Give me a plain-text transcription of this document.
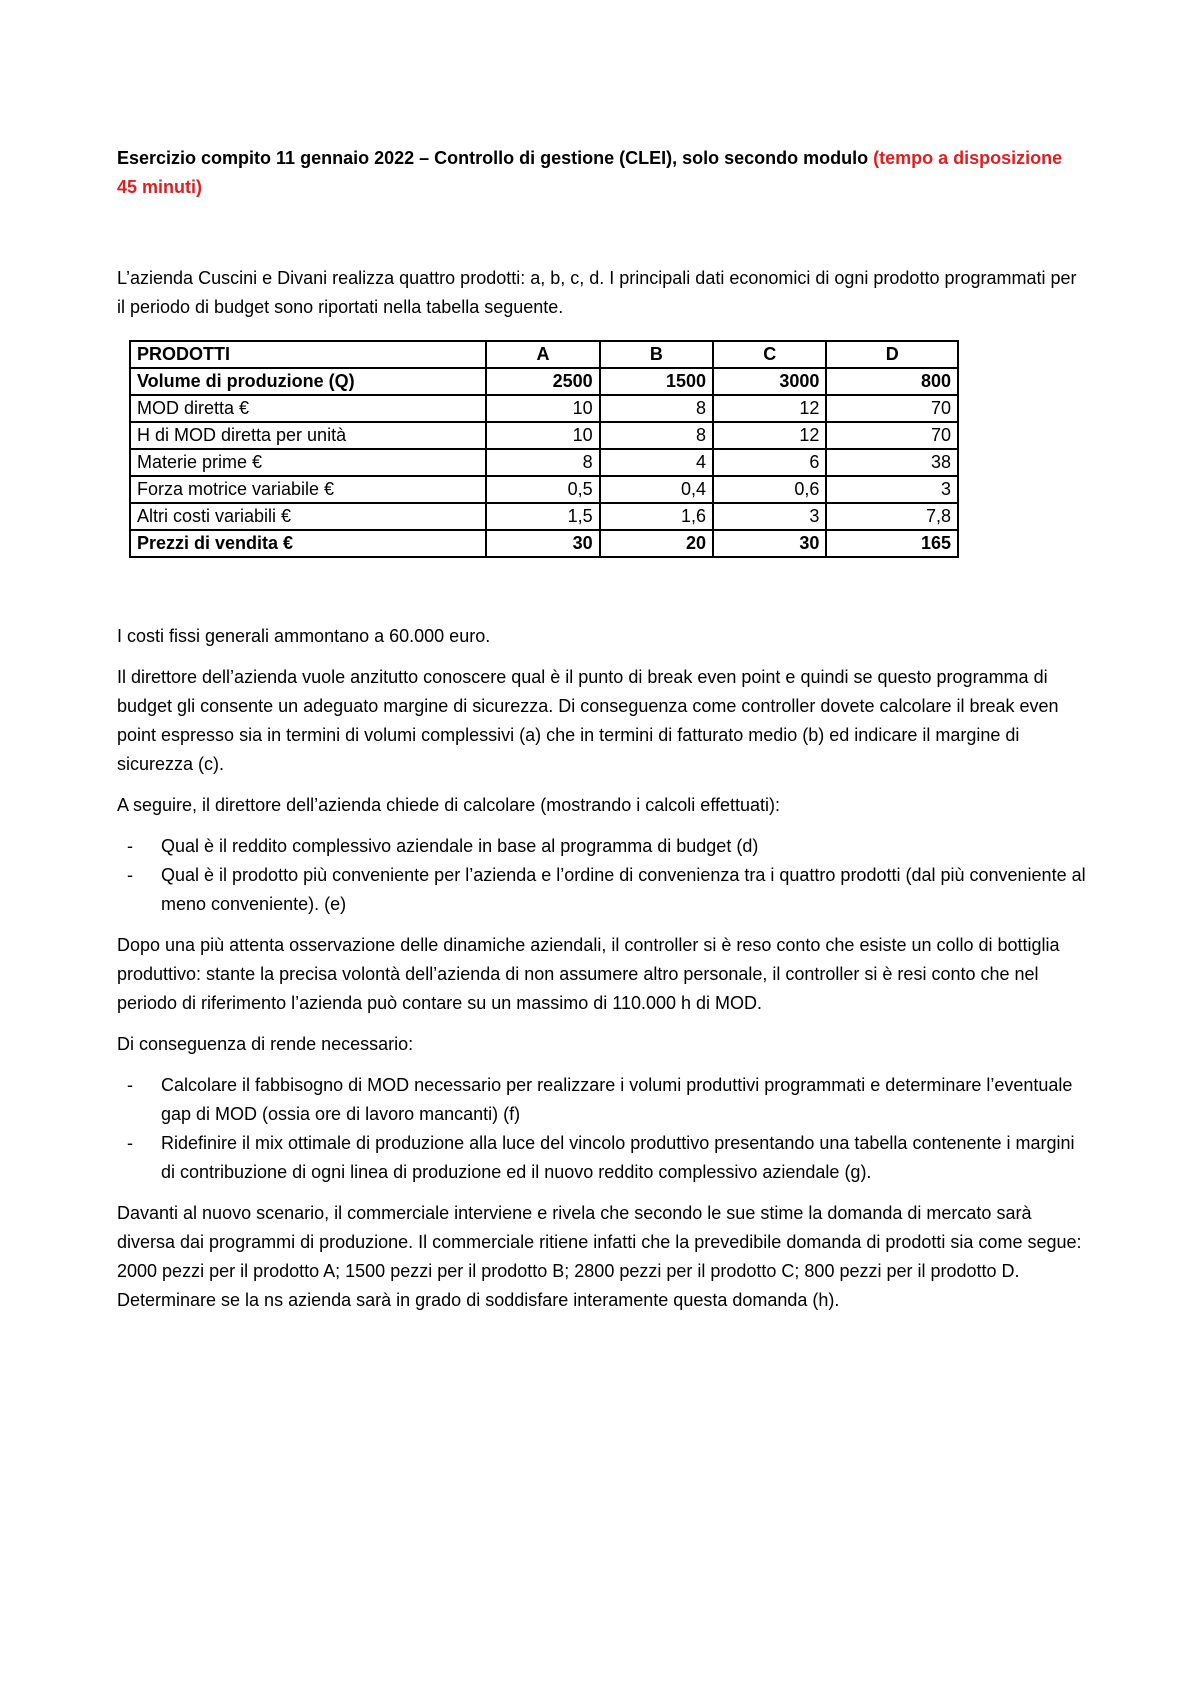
Esercizio compito 11 gennaio 2022 – Controllo di gestione (CLEI), solo secondo modulo (tempo a disposizione 45 minuti)

L’azienda Cuscini e Divani realizza quattro prodotti: a, b, c, d. I principali dati economici di ogni prodotto programmati per il periodo di budget sono riportati nella tabella seguente.

PRODOTTI	A	B	C	D
Volume di produzione (Q)	2500	1500	3000	800
MOD diretta €	10	8	12	70
H di MOD diretta per unità	10	8	12	70
Materie prime €	8	4	6	38
Forza motrice variabile €	0,5	0,4	0,6	3
Altri costi variabili €	1,5	1,6	3	7,8
Prezzi di vendita €	30	20	30	165

I costi fissi generali ammontano a 60.000 euro.

Il direttore dell’azienda vuole anzitutto conoscere qual è il punto di break even point e quindi se questo programma di budget gli consente un adeguato margine di sicurezza. Di conseguenza come controller dovete calcolare il break even point espresso sia in termini di volumi complessivi (a) che in termini di fatturato medio (b) ed indicare il margine di sicurezza (c).

A seguire, il direttore dell’azienda chiede di calcolare (mostrando i calcoli effettuati):

- Qual è il reddito complessivo aziendale in base al programma di budget (d)
- Qual è il prodotto più conveniente per l’azienda e l’ordine di convenienza tra i quattro prodotti (dal più conveniente al meno conveniente). (e)

Dopo una più attenta osservazione delle dinamiche aziendali, il controller si è reso conto che esiste un collo di bottiglia produttivo: stante la precisa volontà dell’azienda di non assumere altro personale, il controller si è resi conto che nel periodo di riferimento l’azienda può contare su un massimo di 110.000 h di MOD.

Di conseguenza di rende necessario:

- Calcolare il fabbisogno di MOD necessario per realizzare i volumi produttivi programmati e determinare l’eventuale gap di MOD (ossia ore di lavoro mancanti) (f)
- Ridefinire il mix ottimale di produzione alla luce del vincolo produttivo presentando una tabella contenente i margini di contribuzione di ogni linea di produzione ed il nuovo reddito complessivo aziendale (g).

Davanti al nuovo scenario, il commerciale interviene e rivela che secondo le sue stime la domanda di mercato sarà diversa dai programmi di produzione. Il commerciale ritiene infatti che la prevedibile domanda di prodotti sia come segue: 2000 pezzi per il prodotto A; 1500 pezzi per il prodotto B; 2800 pezzi per il prodotto C; 800 pezzi per il prodotto D. Determinare se la ns azienda sarà in grado di soddisfare interamente questa domanda (h).
